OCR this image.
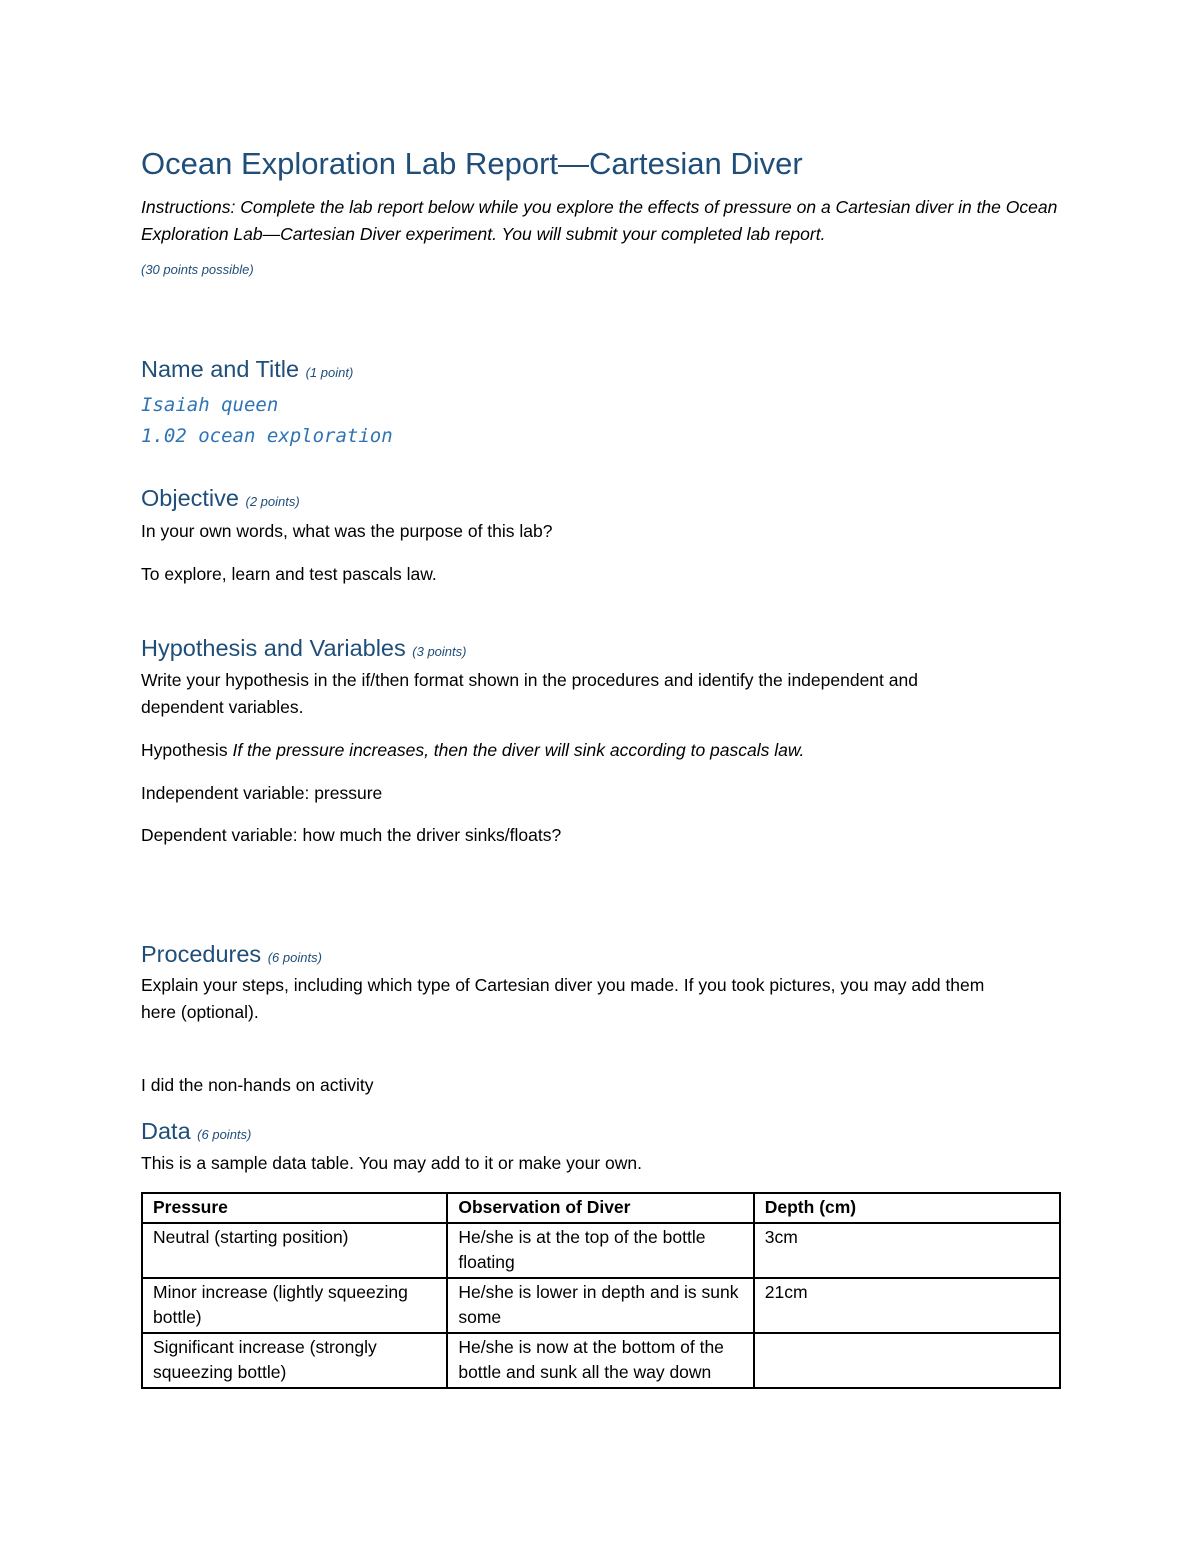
Ocean Exploration Lab Report—Cartesian Diver
Instructions: Complete the lab report below while you explore the effects of pressure on a Cartesian diver in the Ocean Exploration Lab—Cartesian Diver experiment. You will submit your completed lab report.
(30 points possible)
Name and Title (1 point)
Isaiah queen
1.02 ocean exploration
Objective (2 points)
In your own words, what was the purpose of this lab?
To explore, learn and test pascals law.
Hypothesis and Variables (3 points)
Write your hypothesis in the if/then format shown in the procedures and identify the independent and
dependent variables.
Hypothesis If the pressure increases, then the diver will sink according to pascals law.
Independent variable: pressure
Dependent variable: how much the driver sinks/floats?
Procedures (6 points)
Explain your steps, including which type of Cartesian diver you made. If you took pictures, you may add them
here (optional).
I did the non-hands on activity
Data (6 points)
This is a sample data table. You may add to it or make your own.
Pressure	Observation of Diver	Depth (cm)
Neutral (starting position)	He/she is at the top of the bottle floating	3cm
Minor increase (lightly squeezing bottle)	He/she is lower in depth and is sunk some	21cm
Significant increase (strongly squeezing bottle)	He/she is now at the bottom of the bottle and sunk all the way down	
